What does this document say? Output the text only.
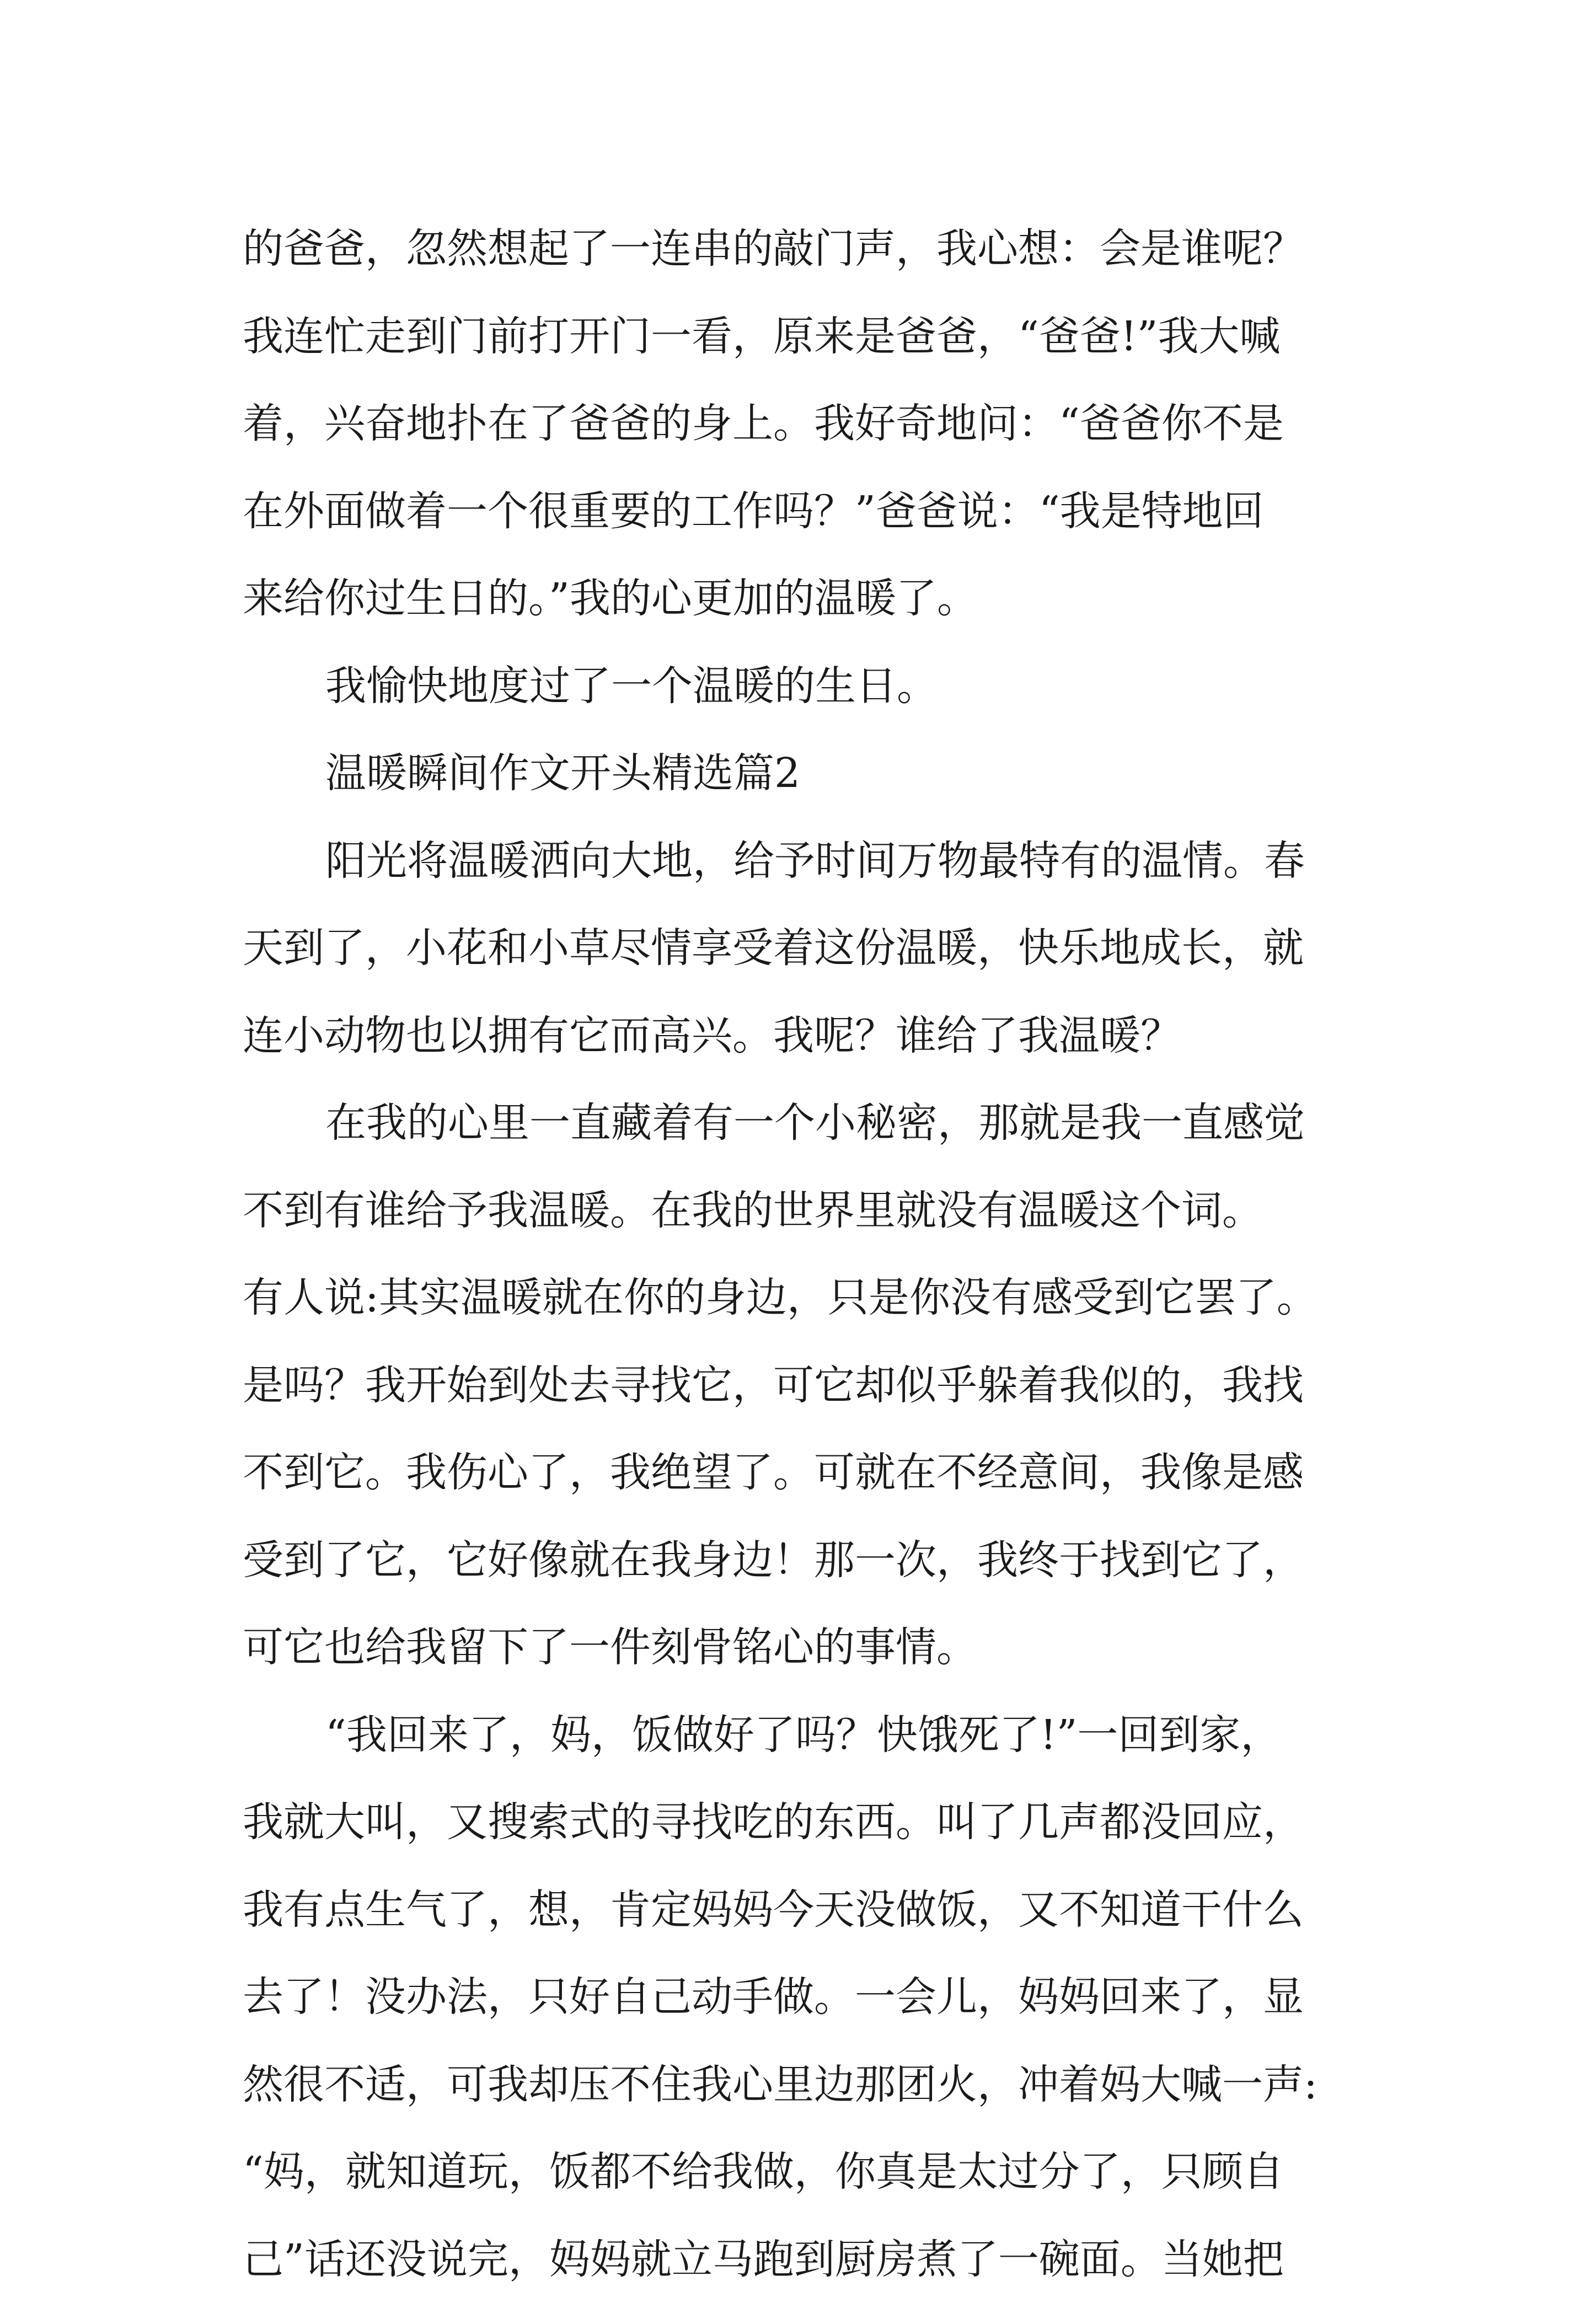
的爸爸，忽然想起了一连串的敲门声，我心想：会是谁呢？
我连忙走到门前打开门一看，原来是爸爸，“爸爸!”我大喊
着，兴奋地扑在了爸爸的身上。我好奇地问：“爸爸你不是
在外面做着一个很重要的工作吗？”爸爸说：“我是特地回
来给你过生日的。”我的心更加的温暖了。
我愉快地度过了一个温暖的生日。
温暖瞬间作文开头精选篇2
阳光将温暖洒向大地，给予时间万物最特有的温情。春
天到了，小花和小草尽情享受着这份温暖，快乐地成长，就
连小动物也以拥有它而高兴。我呢？谁给了我温暖？
在我的心里一直藏着有一个小秘密，那就是我一直感觉
不到有谁给予我温暖。在我的世界里就没有温暖这个词。
有人说:其实温暖就在你的身边，只是你没有感受到它罢了。
是吗？我开始到处去寻找它，可它却似乎躲着我似的，我找
不到它。我伤心了，我绝望了。可就在不经意间，我像是感
受到了它，它好像就在我身边！那一次，我终于找到它了，
可它也给我留下了一件刻骨铭心的事情。
“我回来了，妈，饭做好了吗？快饿死了!”一回到家，
我就大叫，又搜索式的寻找吃的东西。叫了几声都没回应，
我有点生气了，想，肯定妈妈今天没做饭，又不知道干什么
去了！没办法，只好自己动手做。一会儿，妈妈回来了，显
然很不适，可我却压不住我心里边那团火，冲着妈大喊一声:
“妈，就知道玩，饭都不给我做，你真是太过分了，只顾自
己”话还没说完，妈妈就立马跑到厨房煮了一碗面。当她把
